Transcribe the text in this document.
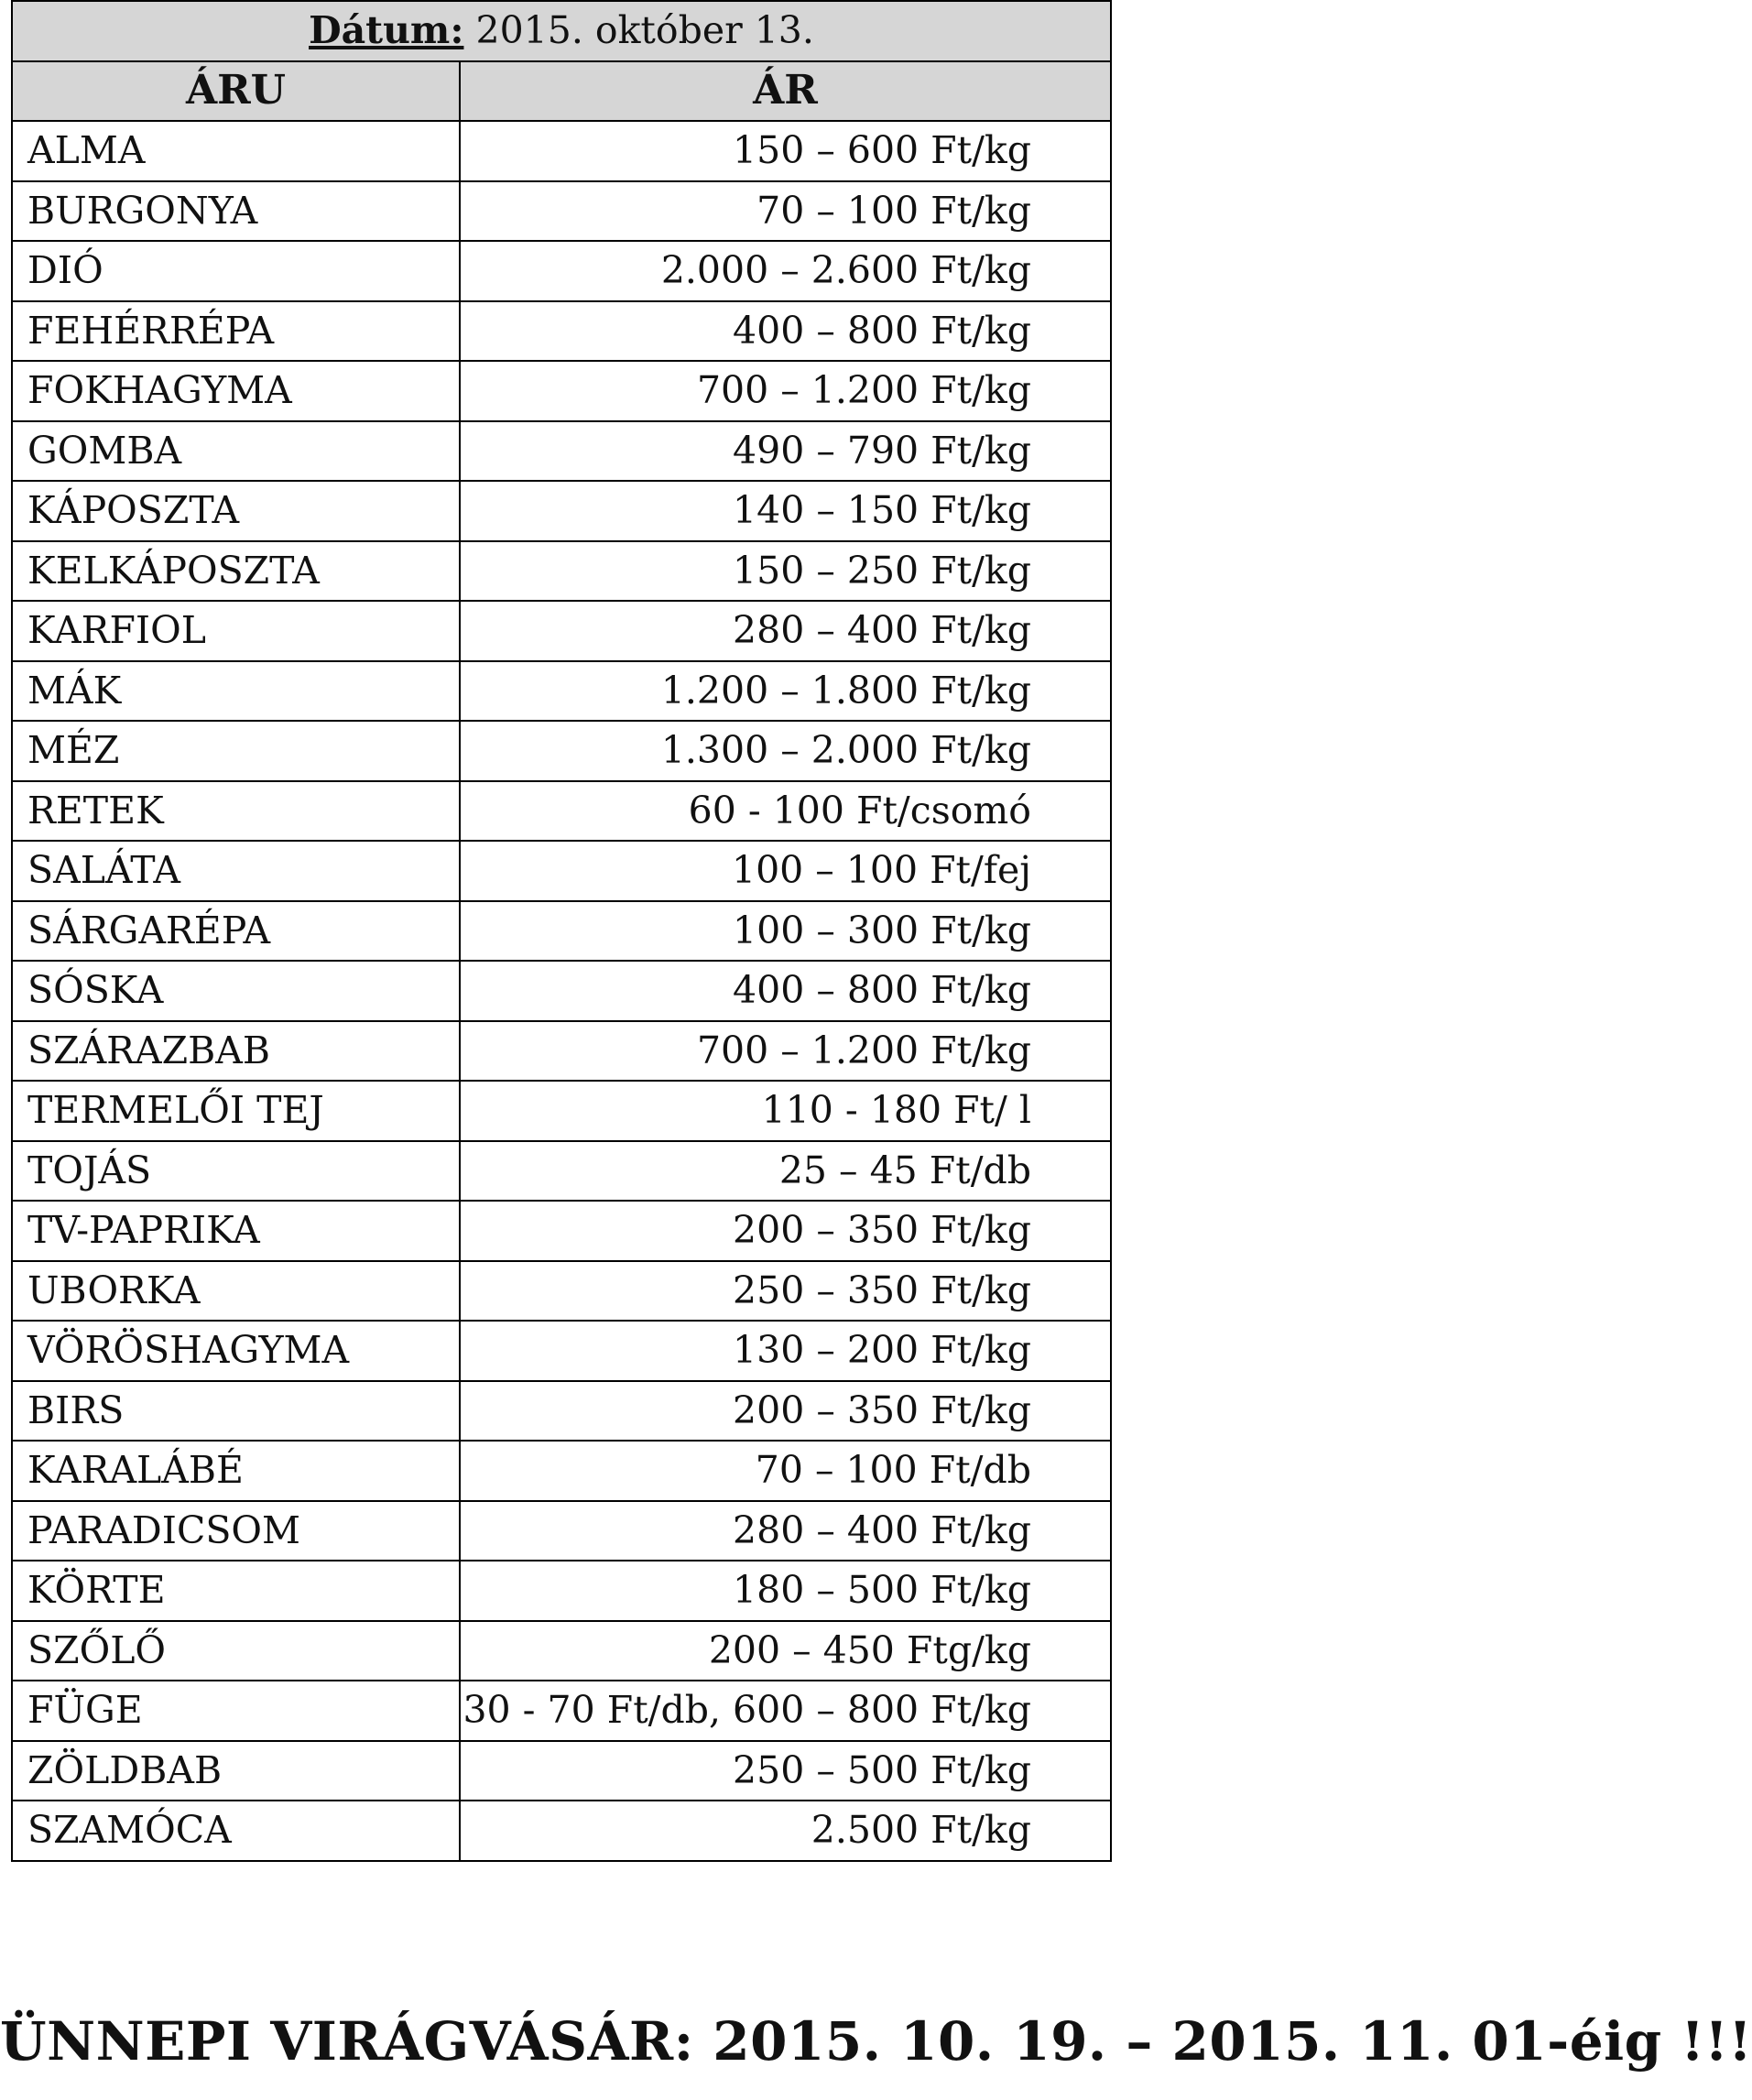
Dátum: 2015. október 13.	
ÁRU	ÁR
ALMA	150 – 600 Ft/kg
BURGONYA	70 – 100 Ft/kg
DIÓ	2.000 – 2.600 Ft/kg
FEHÉRRÉPA	400 – 800 Ft/kg
FOKHAGYMA	700 – 1.200 Ft/kg
GOMBA	490 – 790 Ft/kg
KÁPOSZTA	140 – 150 Ft/kg
KELKÁPOSZTA	150 – 250 Ft/kg
KARFIOL	280 – 400 Ft/kg
MÁK	1.200 – 1.800 Ft/kg
MÉZ	1.300 – 2.000 Ft/kg
RETEK	60 - 100 Ft/csomó
SALÁTA	100 – 100 Ft/fej
SÁRGARÉPA	100 – 300 Ft/kg
SÓSKA	400 – 800 Ft/kg
SZÁRAZBAB	700 – 1.200 Ft/kg
TERMELŐI TEJ	110 - 180 Ft/ l
TOJÁS	25 – 45 Ft/db
TV-PAPRIKA	200 – 350 Ft/kg
UBORKA	250 – 350 Ft/kg
VÖRÖSHAGYMA	130 – 200 Ft/kg
BIRS	200 – 350 Ft/kg
KARALÁBÉ	70 – 100 Ft/db
PARADICSOM	280 – 400 Ft/kg
KÖRTE	180 – 500 Ft/kg
SZŐLŐ	200 – 450 Ftg/kg
FÜGE	30 - 70 Ft/db, 600 – 800 Ft/kg
ZÖLDBAB	250 – 500 Ft/kg
SZAMÓCA	2.500 Ft/kg
ÜNNEPI VIRÁGVÁSÁR: 2015. 10. 19. – 2015. 11. 01-éig !!!
